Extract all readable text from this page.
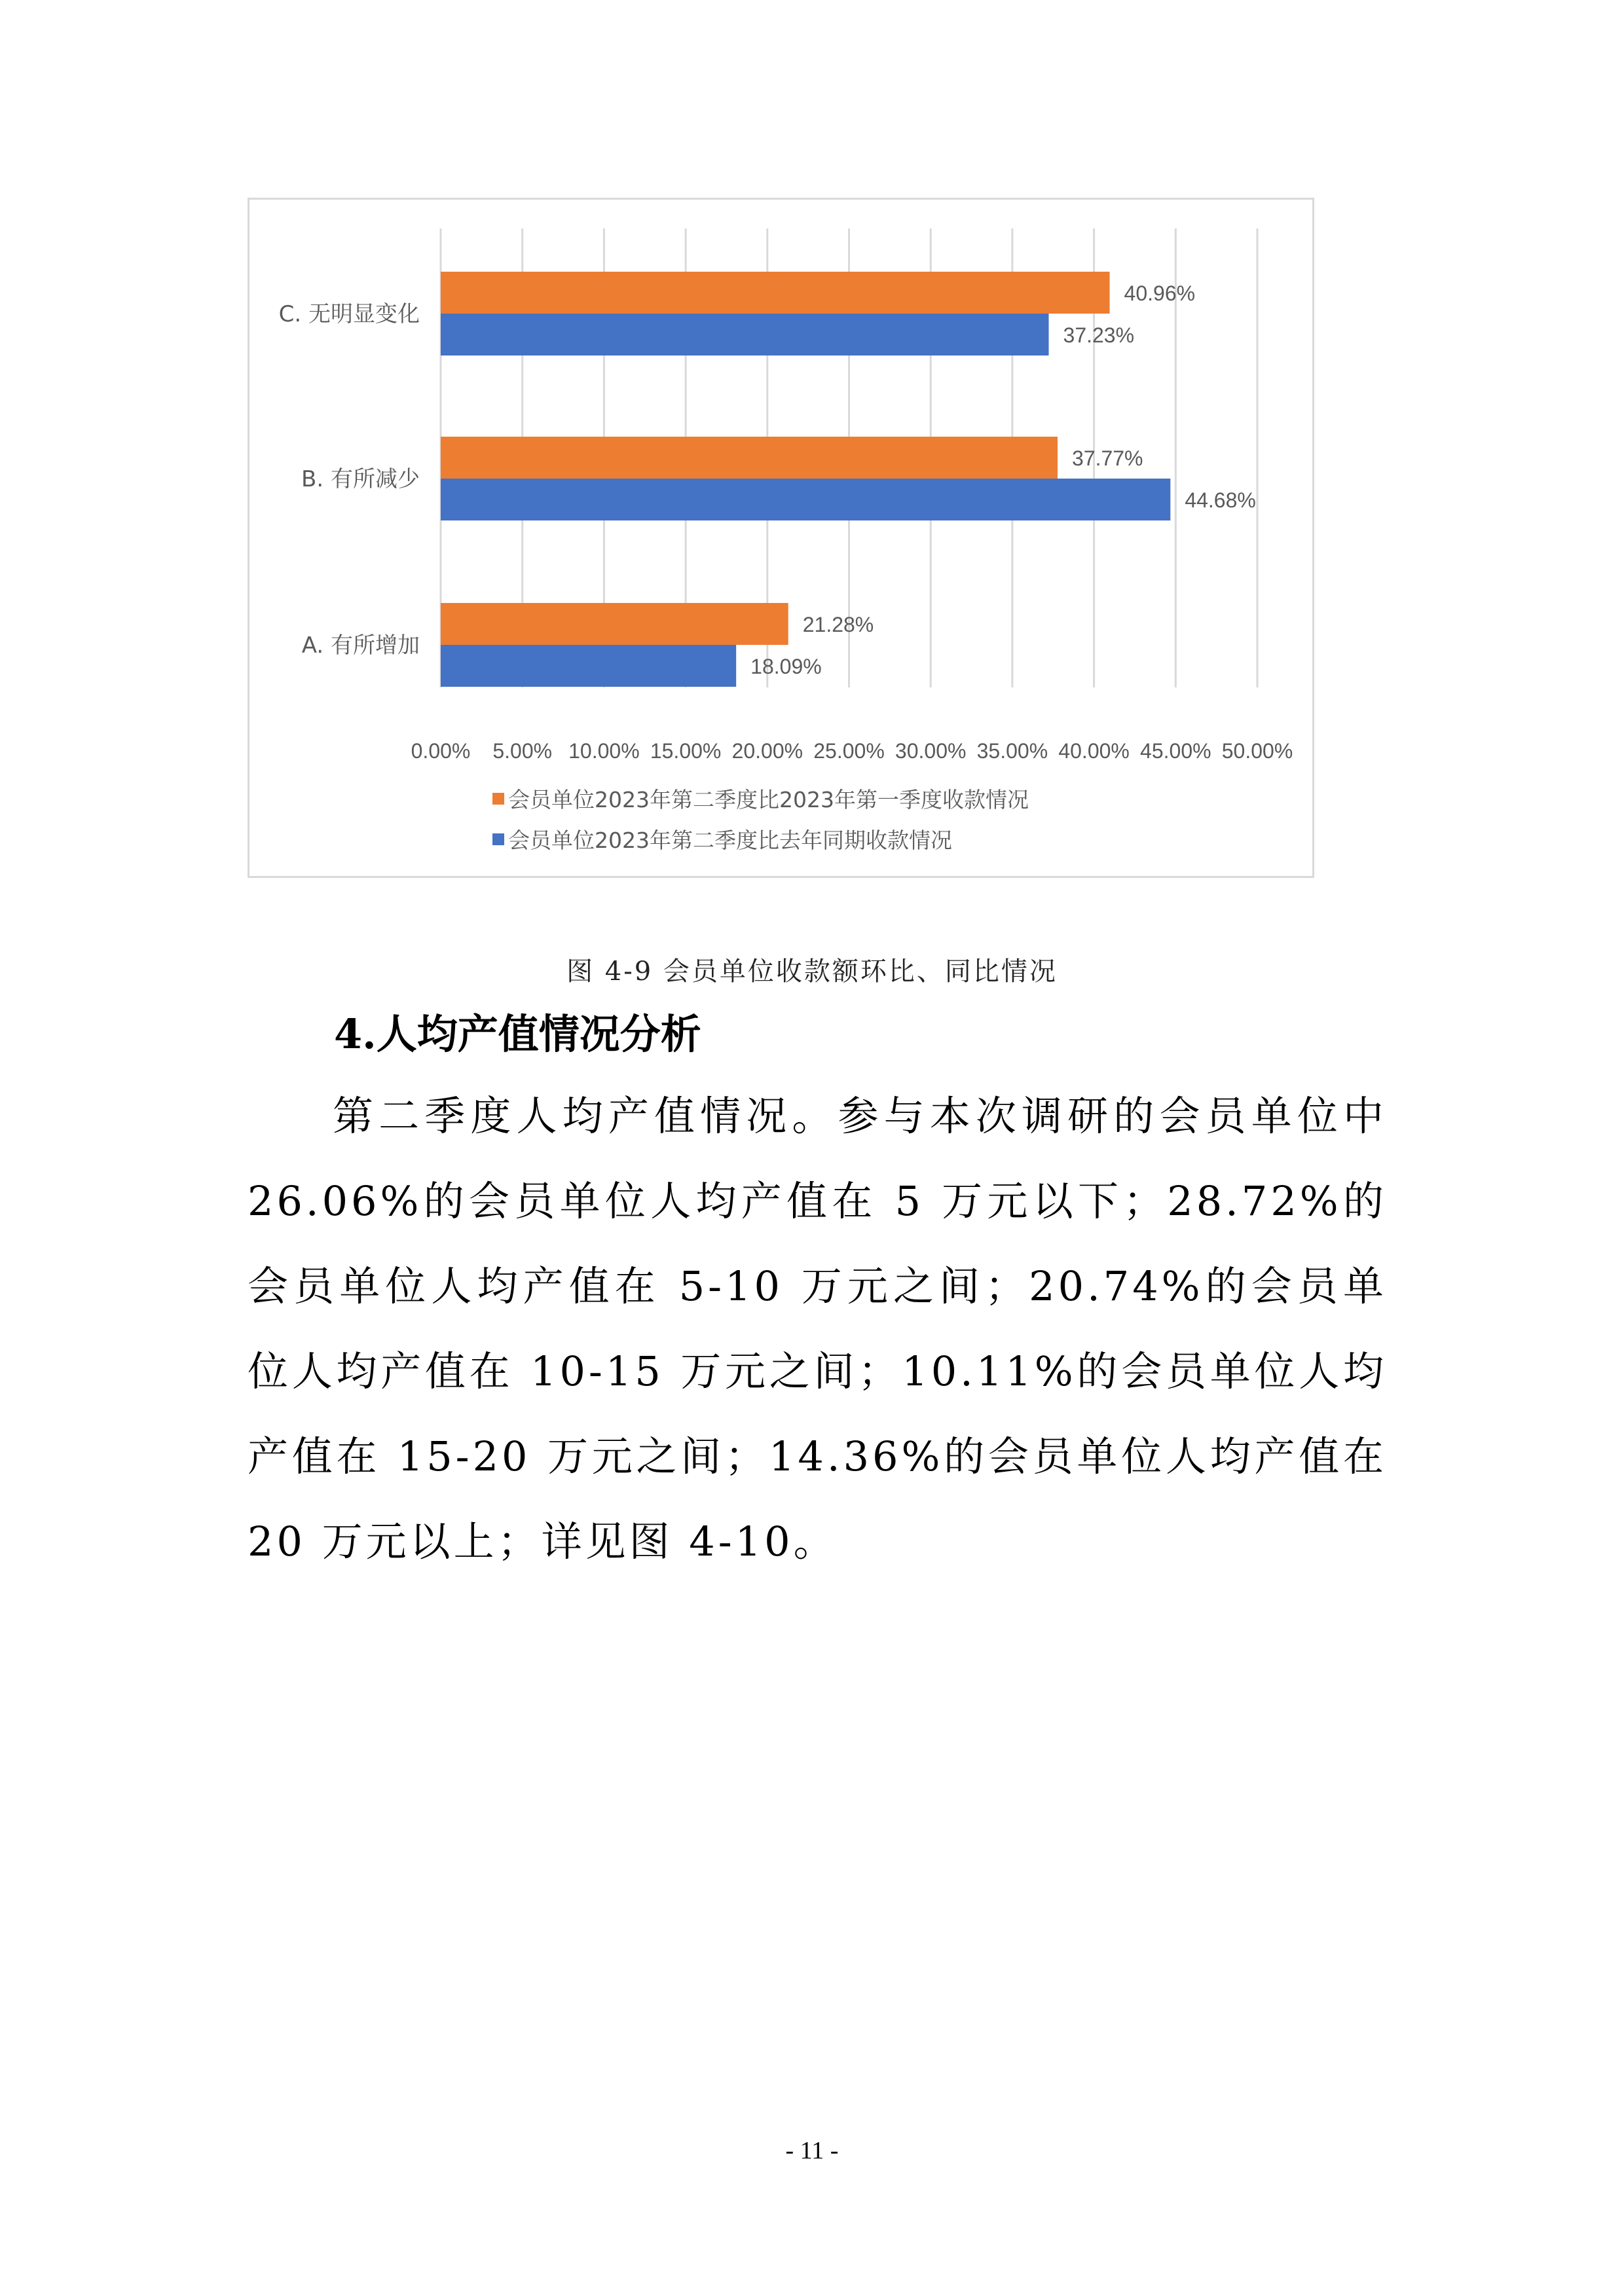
0.00% 5.00% 10.00% 15.00% 20.00% 25.00% 30.00% 35.00% 40.00% 45.00% 50.00%
C. 无明显变化
40.96%
37.23%
B. 有所减少
37.77%
44.68%
A. 有所增加
21.28%
18.09%
会员单位2023年第二季度比2023年第一季度收款情况
会员单位2023年第二季度比去年同期收款情况
图 4-9 会员单位收款额环比、同比情况
4.人均产值情况分析

第二季度人均产值情况。参与本次调研的会员单位中26.06%的会员单位人均产值在 5 万元以下；28.72%的会员单位人均产值在 5-10 万元之间；20.74%的会员单位人均产值在 10-15 万元之间；10.11%的会员单位人均产值在 15-20 万元之间；14.36%的会员单位人均产值在 20 万元以上；详见图 4-10。

- 11 -
